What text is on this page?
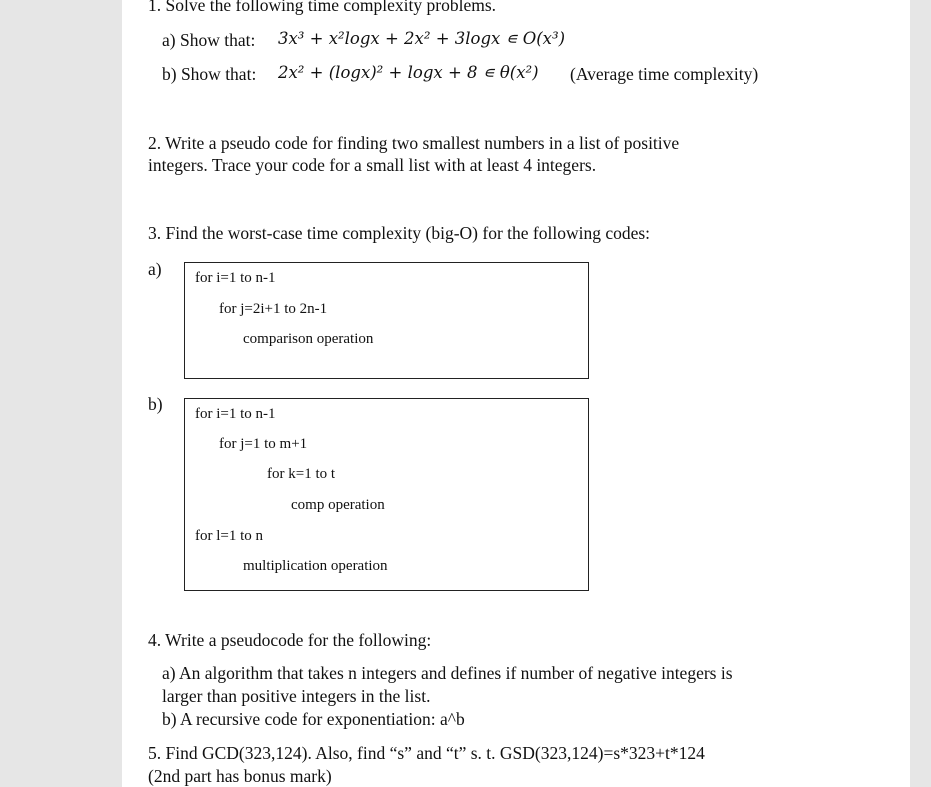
1. Solve the following time complexity problems.
a) Show that: 3x³ + x²logx + 2x² + 3logx ∊ O(x³)
b) Show that: 2x² + (logx)² + logx + 8 ∊ θ(x²) (Average time complexity)
2. Write a pseudo code for finding two smallest numbers in a list of positive
integers. Trace your code for a small list with at least 4 integers.
3. Find the worst-case time complexity (big-O) for the following codes:
a) for i=1 to n-1
for j=2i+1 to 2n-1
comparison operation
b) for i=1 to n-1
for j=1 to m+1
for k=1 to t
comp operation
for l=1 to n
multiplication operation
4. Write a pseudocode for the following:
a) An algorithm that takes n integers and defines if number of negative integers is
larger than positive integers in the list.
b) A recursive code for exponentiation: a^b
5. Find GCD(323,124). Also, find “s” and “t” s. t. GSD(323,124)=s*323+t*124
(2nd part has bonus mark)
